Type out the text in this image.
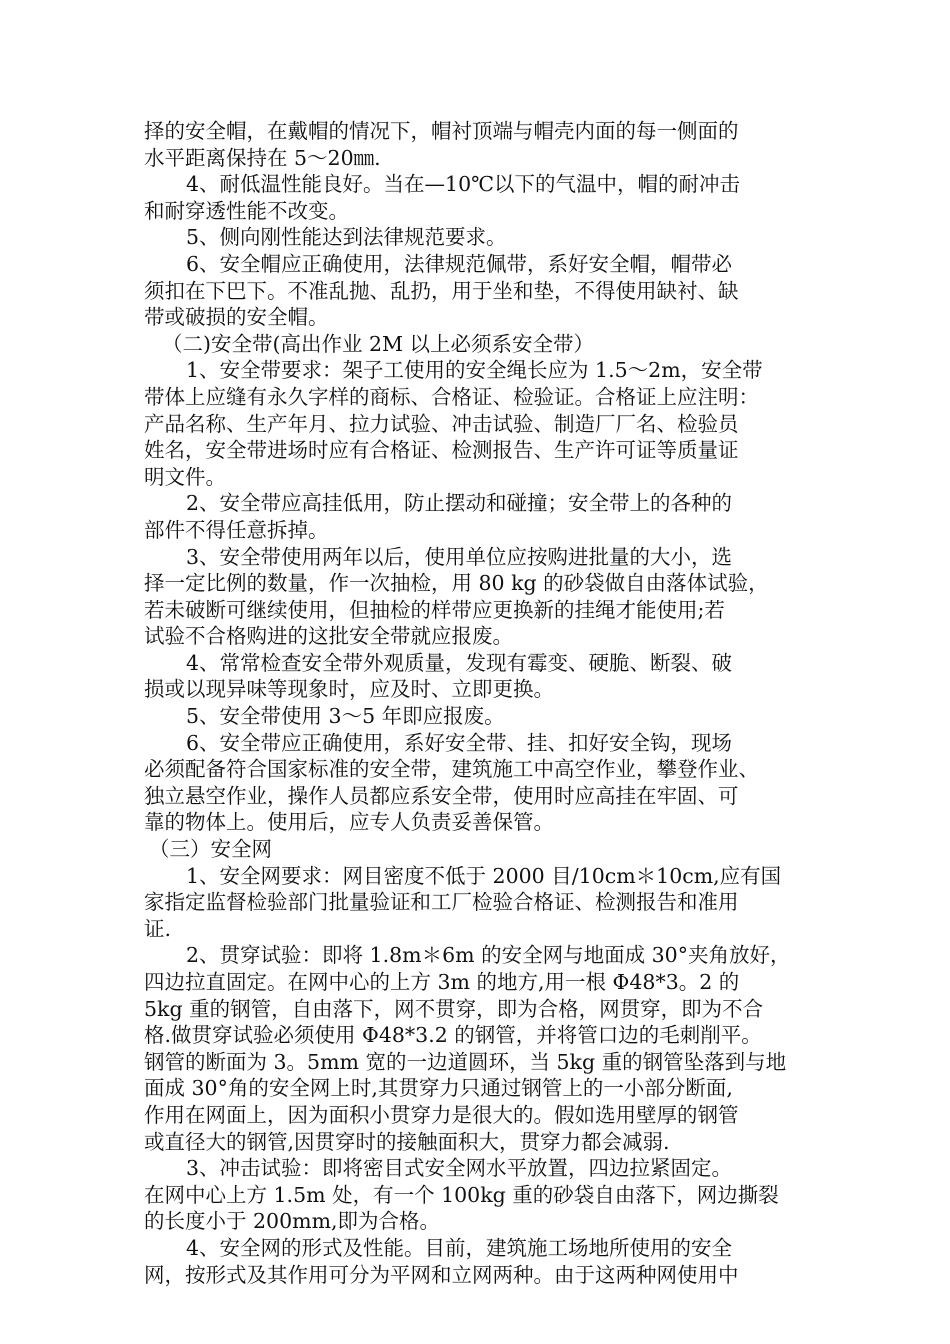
择的安全帽，在戴帽的情况下，帽衬顶端与帽壳内面的每一侧面的
水平距离保持在 5～20㎜.
4、耐低温性能良好。当在—10℃以下的气温中，帽的耐冲击
和耐穿透性能不改变。
5、侧向刚性能达到法律规范要求。
6、安全帽应正确使用，法律规范佩带，系好安全帽，帽带必
须扣在下巴下。不准乱抛、乱扔，用于坐和垫，不得使用缺衬、缺
带或破损的安全帽。
（二)安全带(高出作业 2M 以上必须系安全带）
1、安全带要求：架子工使用的安全绳长应为 1.5～2m，安全带
带体上应缝有永久字样的商标、合格证、检验证。合格证上应注明：
产品名称、生产年月、拉力试验、冲击试验、制造厂厂名、检验员
姓名，安全带进场时应有合格证、检测报告、生产许可证等质量证
明文件。
2、安全带应高挂低用，防止摆动和碰撞；安全带上的各种的
部件不得任意拆掉。
3、安全带使用两年以后，使用单位应按购进批量的大小，选
择一定比例的数量，作一次抽检，用 80 kg 的砂袋做自由落体试验，
若未破断可继续使用，但抽检的样带应更换新的挂绳才能使用;若
试验不合格购进的这批安全带就应报废。
4、常常检查安全带外观质量，发现有霉变、硬脆、断裂、破
损或以现异味等现象时，应及时、立即更换。
5、安全带使用 3～5 年即应报废。
6、安全带应正确使用，系好安全带、挂、扣好安全钩，现场
必须配备符合国家标准的安全带，建筑施工中高空作业，攀登作业、
独立悬空作业，操作人员都应系安全带，使用时应高挂在牢固、可
靠的物体上。使用后，应专人负责妥善保管。
（三）安全网
1、安全网要求：网目密度不低于 2000 目/10cm＊10cm,应有国
家指定监督检验部门批量验证和工厂检验合格证、检测报告和准用
证.
2、贯穿试验：即将 1.8m＊6m 的安全网与地面成 30°夹角放好，
四边拉直固定。在网中心的上方 3m 的地方,用一根 Φ48*3。2 的
5kg 重的钢管，自由落下，网不贯穿，即为合格，网贯穿，即为不合
格.做贯穿试验必须使用 Φ48*3.2 的钢管，并将管口边的毛刺削平。
钢管的断面为 3。5mm 宽的一边道圆环，当 5kg 重的钢管坠落到与地
面成 30°角的安全网上时,其贯穿力只通过钢管上的一小部分断面,
作用在网面上，因为面积小贯穿力是很大的。假如选用壁厚的钢管
或直径大的钢管,因贯穿时的接触面积大，贯穿力都会减弱.
3、冲击试验：即将密目式安全网水平放置，四边拉紧固定。
在网中心上方 1.5m 处，有一个 100kg 重的砂袋自由落下，网边撕裂
的长度小于 200mm,即为合格。
4、安全网的形式及性能。目前，建筑施工场地所使用的安全
网，按形式及其作用可分为平网和立网两种。由于这两种网使用中
